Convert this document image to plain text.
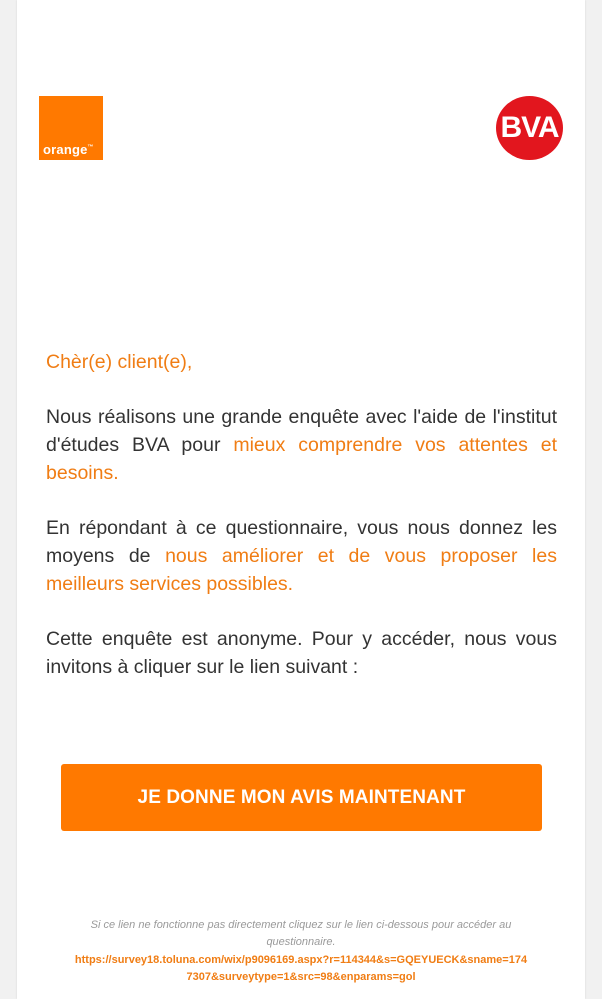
orange™
BVA

Chèr(e) client(e),

Nous réalisons une grande enquête avec l'aide de l'institut d'études BVA pour mieux comprendre vos attentes et besoins.

En répondant à ce questionnaire, vous nous donnez les moyens de nous améliorer et de vous proposer les meilleurs services possibles.

Cette enquête est anonyme. Pour y accéder, nous vous invitons à cliquer sur le lien suivant :

JE DONNE MON AVIS MAINTENANT
Si ce lien ne fonctionne pas directement cliquez sur le lien ci-dessous pour accéder au questionnaire.
https://survey18.toluna.com/wix/p9096169.aspx?r=114344&s=GQEYUECK&sname=1747307&surveytype=1&src=98&enparams=gol
